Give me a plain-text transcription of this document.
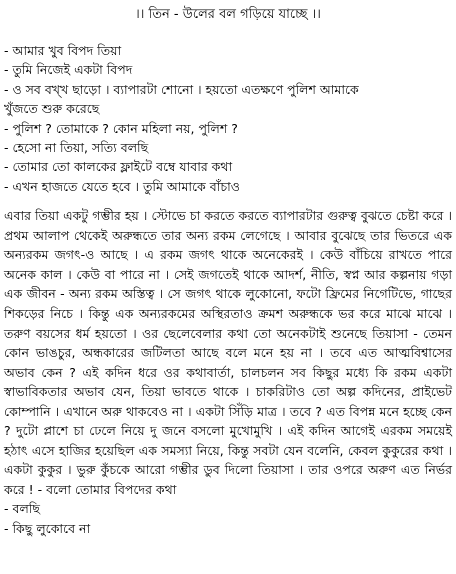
।। তিন - উলের বল গড়িয়ে যাচ্ছে ।।
- আমার খুব বিপদ তিয়া
- তুমি নিজেই একটা বিপদ
- ও সব বখ্খ ছাড়ো । ব্যাপারটা শোনো । হয়তো এতক্ষণে পুলিশ আমাকে
খুঁজতে শুরু করেছে
- পুলিশ ? তোমাকে ? কোন মহিলা নয়, পুলিশ ?
- হেসো না তিয়া, সত্যি বলছি
- তোমার তো কালকের ফ্লাইটে বম্বে যাবার কথা
- এখন হাজতে যেতে হবে । তুমি আমাকে বাঁচাও
এবার তিয়া একটু গম্ভীর হয় । স্টোভে চা করতে করতে ব্যাপারটার গুরুত্ব বুঝতে চেষ্টা করে । প্রথম আলাপ থেকেই অরুন্ধতে তার অন্য রকম লেগেছে । আবার বুঝেছে তার ভিতরে এক অন্যরকম জগৎ-ও আছে । এ রকম জগৎ থাকে অনেকেরই । কেউ বাঁচিয়ে রাখতে পারে অনেক কাল । কেউ বা পারে না । সেই জগতেই থাকে আদর্শ, নীতি, স্বপ্ন আর কল্পনায় গড়া এক জীবন - অন্য রকম অস্তিত্ব । সে জগৎ থাকে লুকোনো, ফটো ফ্রিমের নিগেটিভে, গাছের শিকড়ের নিচে । কিন্তু এক অন্যরকমের অস্থিরতাও ক্রমশ অরুন্ধকে ভর করে মাঝে মাঝে । তরুণ বয়সের ধর্ম হয়তো । ওর ছেলেবেলার কথা তো অনেকটাই শুনেছে তিয়াসা - তেমন কোন ভাঙচুর, অন্ধকারের জটিলতা আছে বলে মনে হয় না । তবে এত আত্মবিশ্বাসের অভাব কেন ? এই কদিন ধরে ওর কথাবার্তা, চালচলন সব কিছুর মধ্যে কি রকম একটা স্বাভাবিকতার অভাব যেন, তিয়া ভাবতে থাকে । চাকরিটাও তো অল্প কদিনের, প্রাইভেট কোম্পানি । এখানে অরু থাকবেও না । একটা সিঁড়ি মাত্র । তবে ? এত বিপন্ন মনে হচ্ছে কেন ? দুটো প্লাশে চা ঢেলে নিয়ে দু জনে বসলো মুখোমুখি । এই কদিন আগেই এরকম সময়েই হঠাৎ এসে হাজির হয়েছিল এক সমস্যা নিয়ে, কিন্তু সবটা যেন বলেনি, কেবল কুকুরের কথা । একটা কুকুর । ভুরু কুঁচকে আরো গম্ভীর ডুব দিলো তিয়াসা । তার ওপরে অরুণ এত নির্ভর করে ! - বলো তোমার বিপদের কথা
- বলছি
- কিছু লুকোবে না
